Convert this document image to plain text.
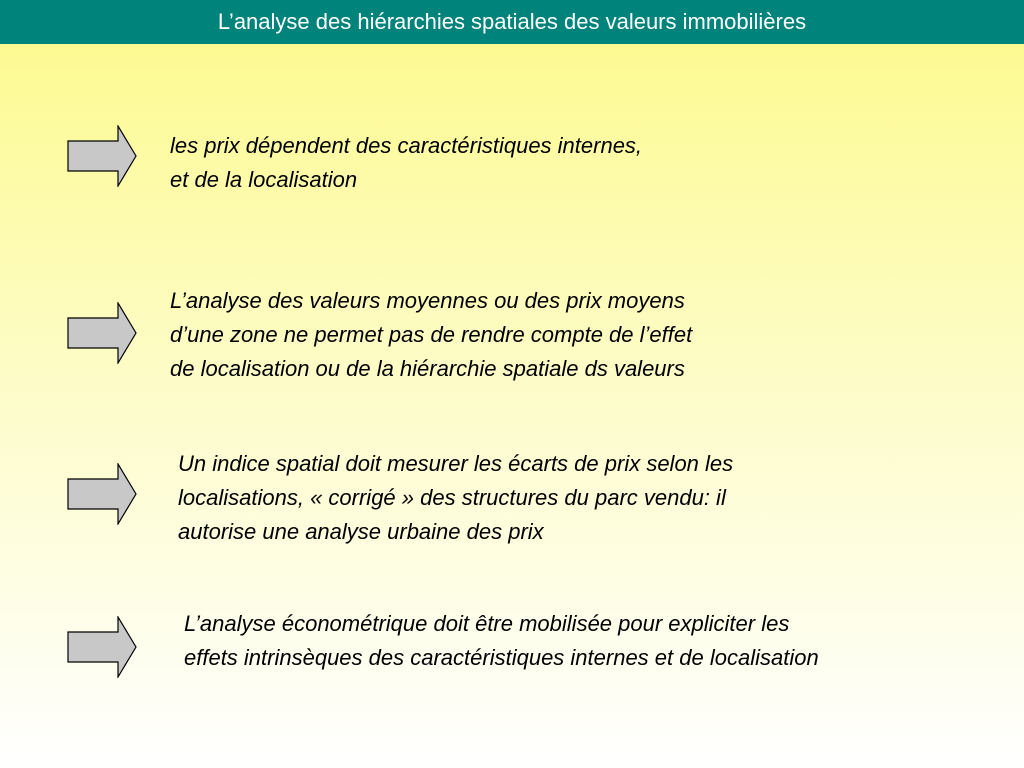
L’analyse des hiérarchies spatiales des valeurs immobilières
les prix dépendent des caractéristiques internes,
et de la localisation
L’analyse des valeurs moyennes ou des prix moyens
d’une zone ne permet pas de rendre compte de l’effet
de localisation ou de la hiérarchie spatiale ds valeurs
Un indice spatial doit mesurer les écarts de prix selon les
localisations, « corrigé » des structures du parc vendu: il
autorise une analyse urbaine des prix
L’analyse économétrique doit être mobilisée pour expliciter les
effets intrinsèques des caractéristiques internes et de localisation
